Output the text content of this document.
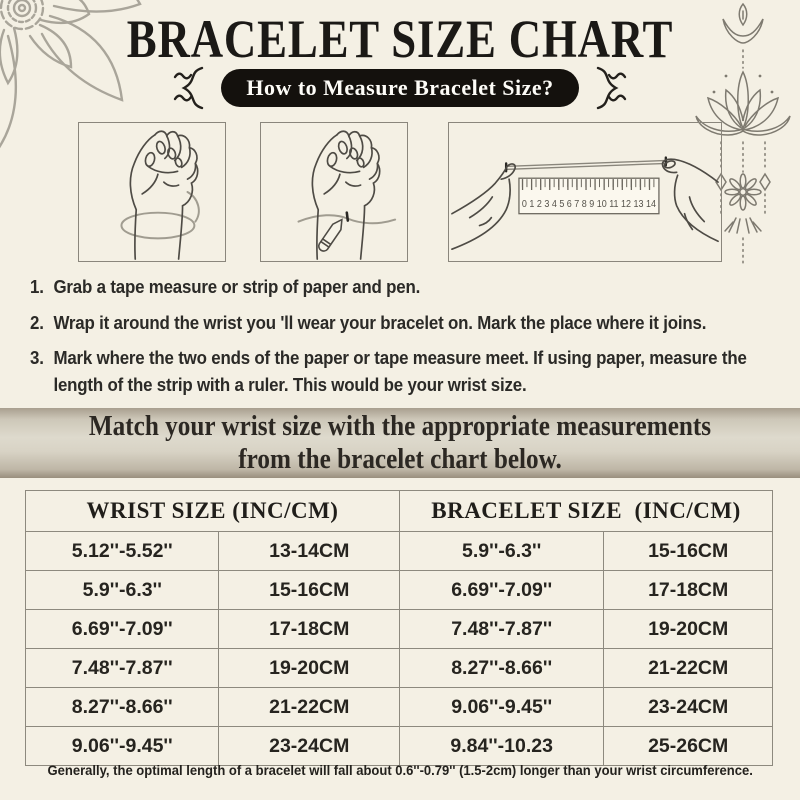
BRACELET SIZE CHART
How to Measure Bracelet Size?
0 1 2 3 4 5 6 7 8 9 10 11 12 13 14
1. Grab a tape measure or strip of paper and pen.
2. Wrap it around the wrist you 'll wear your bracelet on. Mark the place where it joins.
3. Mark where the two ends of the paper or tape measure meet. If using paper, measure the length of the strip with a ruler. This would be your wrist size.
Match your wrist size with the appropriate measurements
from the bracelet chart below.
WRIST SIZE (INC/CM)	BRACELET SIZE  (INC/CM)
5.12''-5.52''	13-14CM	5.9''-6.3''	15-16CM
5.9''-6.3''	15-16CM	6.69''-7.09''	17-18CM
6.69''-7.09''	17-18CM	7.48''-7.87''	19-20CM
7.48''-7.87''	19-20CM	8.27''-8.66''	21-22CM
8.27''-8.66''	21-22CM	9.06''-9.45''	23-24CM
9.06''-9.45''	23-24CM	9.84''-10.23	25-26CM
Generally, the optimal length of a bracelet will fall about 0.6''-0.79'' (1.5-2cm) longer than your wrist circumference.
